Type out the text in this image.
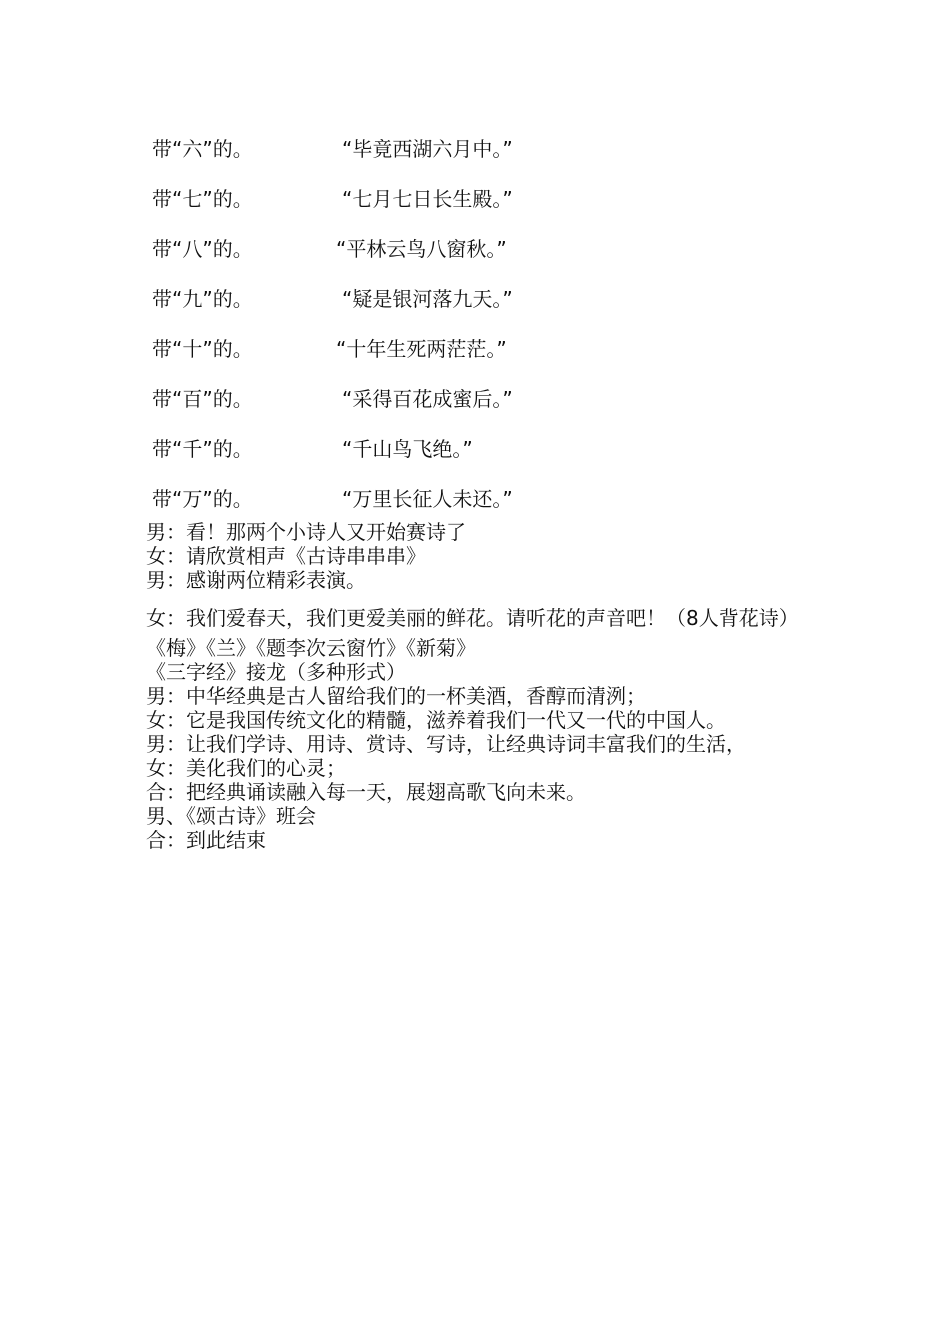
带“六”的。	“毕竟西湖六月中。”
带“七”的。	“七月七日长生殿。”
带“八”的。	“平林云鸟八窗秋。”
带“九”的。	“疑是银河落九天。”
带“十”的。	“十年生死两茫茫。”
带“百”的。	“采得百花成蜜后。”
带“千”的。	“千山鸟飞绝。”
带“万”的。	“万里长征人未还。”
男：看！那两个小诗人又开始赛诗了
女：请欣赏相声《古诗串串串》
男：感谢两位精彩表演。
女：我们爱春天，我们更爱美丽的鲜花。请听花的声音吧！（8人背花诗）
《梅》《兰》《题李次云窗竹》《新菊》
《三字经》接龙（多种形式）
男：中华经典是古人留给我们的一杯美酒，香醇而清洌；
女：它是我国传统文化的精髓，滋养着我们一代又一代的中国人。
男：让我们学诗、用诗、赏诗、写诗，让经典诗词丰富我们的生活，
女：美化我们的心灵；
合：把经典诵读融入每一天，展翅高歌飞向未来。
男、《颂古诗》班会
合：到此结束
